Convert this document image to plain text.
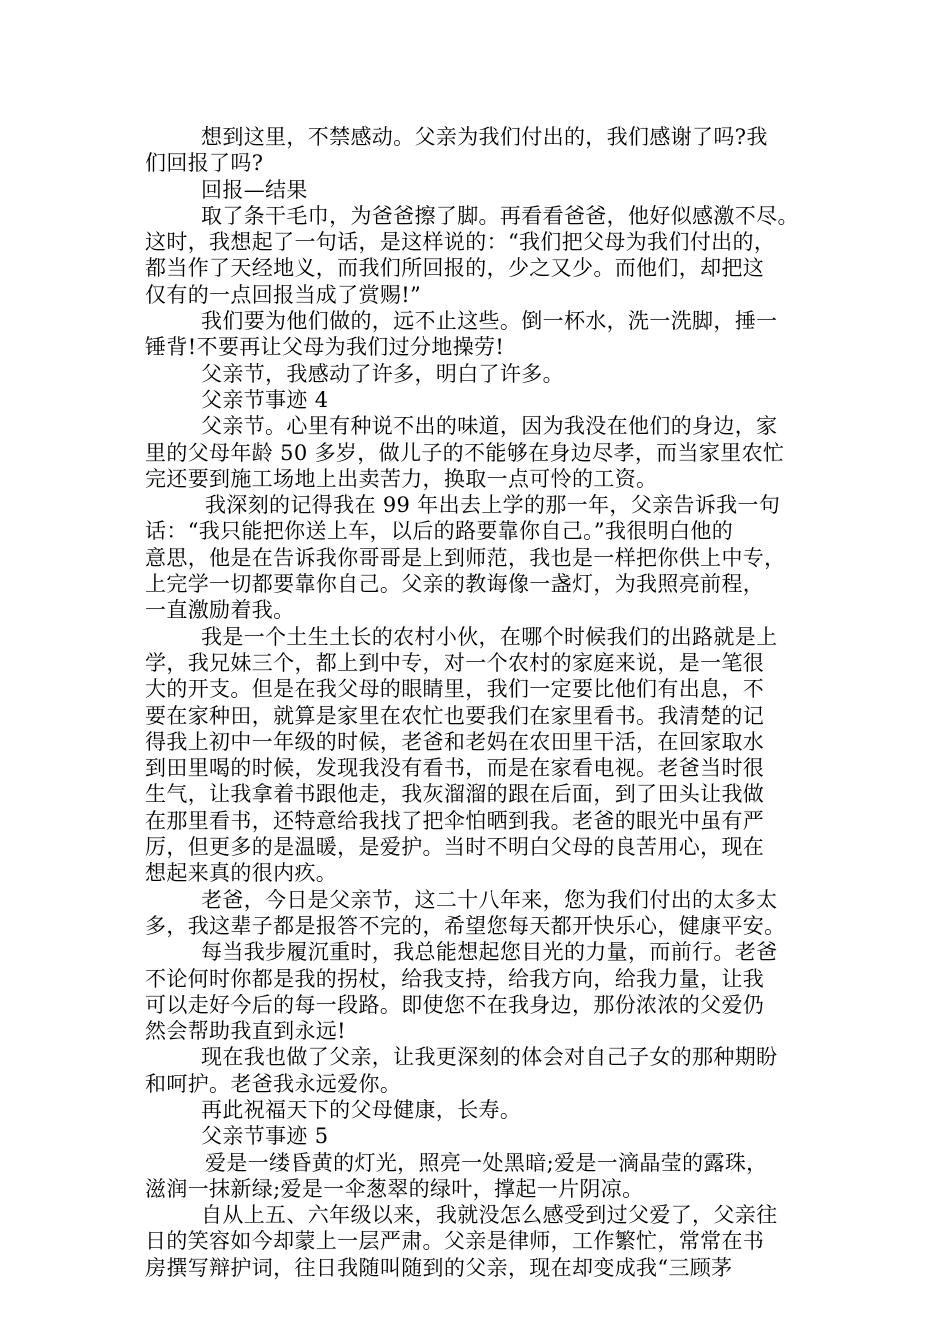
想到这里，不禁感动。父亲为我们付出的，我们感谢了吗?我
们回报了吗?
回报—结果
取了条干毛巾，为爸爸擦了脚。再看看爸爸，他好似感激不尽。
这时，我想起了一句话，是这样说的：“我们把父母为我们付出的，
都当作了天经地义，而我们所回报的，少之又少。而他们，却把这
仅有的一点回报当成了赏赐!”
我们要为他们做的，远不止这些。倒一杯水，洗一洗脚，捶一
锤背!不要再让父母为我们过分地操劳!
父亲节，我感动了许多，明白了许多。
父亲节事迹 4
父亲节。心里有种说不出的味道，因为我没在他们的身边，家
里的父母年龄 50 多岁，做儿子的不能够在身边尽孝，而当家里农忙
完还要到施工场地上出卖苦力，换取一点可怜的工资。
我深刻的记得我在 99 年出去上学的那一年，父亲告诉我一句
话：“我只能把你送上车，以后的路要靠你自己。”我很明白他的
意思，他是在告诉我你哥哥是上到师范，我也是一样把你供上中专，
上完学一切都要靠你自己。父亲的教诲像一盏灯，为我照亮前程，
一直激励着我。
我是一个土生土长的农村小伙，在哪个时候我们的出路就是上
学，我兄妹三个，都上到中专，对一个农村的家庭来说，是一笔很
大的开支。但是在我父母的眼睛里，我们一定要比他们有出息，不
要在家种田，就算是家里在农忙也要我们在家里看书。我清楚的记
得我上初中一年级的时候，老爸和老妈在农田里干活，在回家取水
到田里喝的时候，发现我没有看书，而是在家看电视。老爸当时很
生气，让我拿着书跟他走，我灰溜溜的跟在后面，到了田头让我做
在那里看书，还特意给我找了把伞怕晒到我。老爸的眼光中虽有严
厉，但更多的是温暖，是爱护。当时不明白父母的良苦用心，现在
想起来真的很内疚。
老爸，今日是父亲节，这二十八年来，您为我们付出的太多太
多，我这辈子都是报答不完的，希望您每天都开快乐心，健康平安。
每当我步履沉重时，我总能想起您目光的力量，而前行。老爸
不论何时你都是我的拐杖，给我支持，给我方向，给我力量，让我
可以走好今后的每一段路。即使您不在我身边，那份浓浓的父爱仍
然会帮助我直到永远!
现在我也做了父亲，让我更深刻的体会对自己子女的那种期盼
和呵护。老爸我永远爱你。
再此祝福天下的父母健康，长寿。
父亲节事迹 5
爱是一缕昏黄的灯光，照亮一处黑暗;爱是一滴晶莹的露珠，
滋润一抹新绿;爱是一伞葱翠的绿叶，撑起一片阴凉。
自从上五、六年级以来，我就没怎么感受到过父爱了，父亲往
日的笑容如今却蒙上一层严肃。父亲是律师，工作繁忙，常常在书
房撰写辩护词，往日我随叫随到的父亲，现在却变成我“三顾茅
